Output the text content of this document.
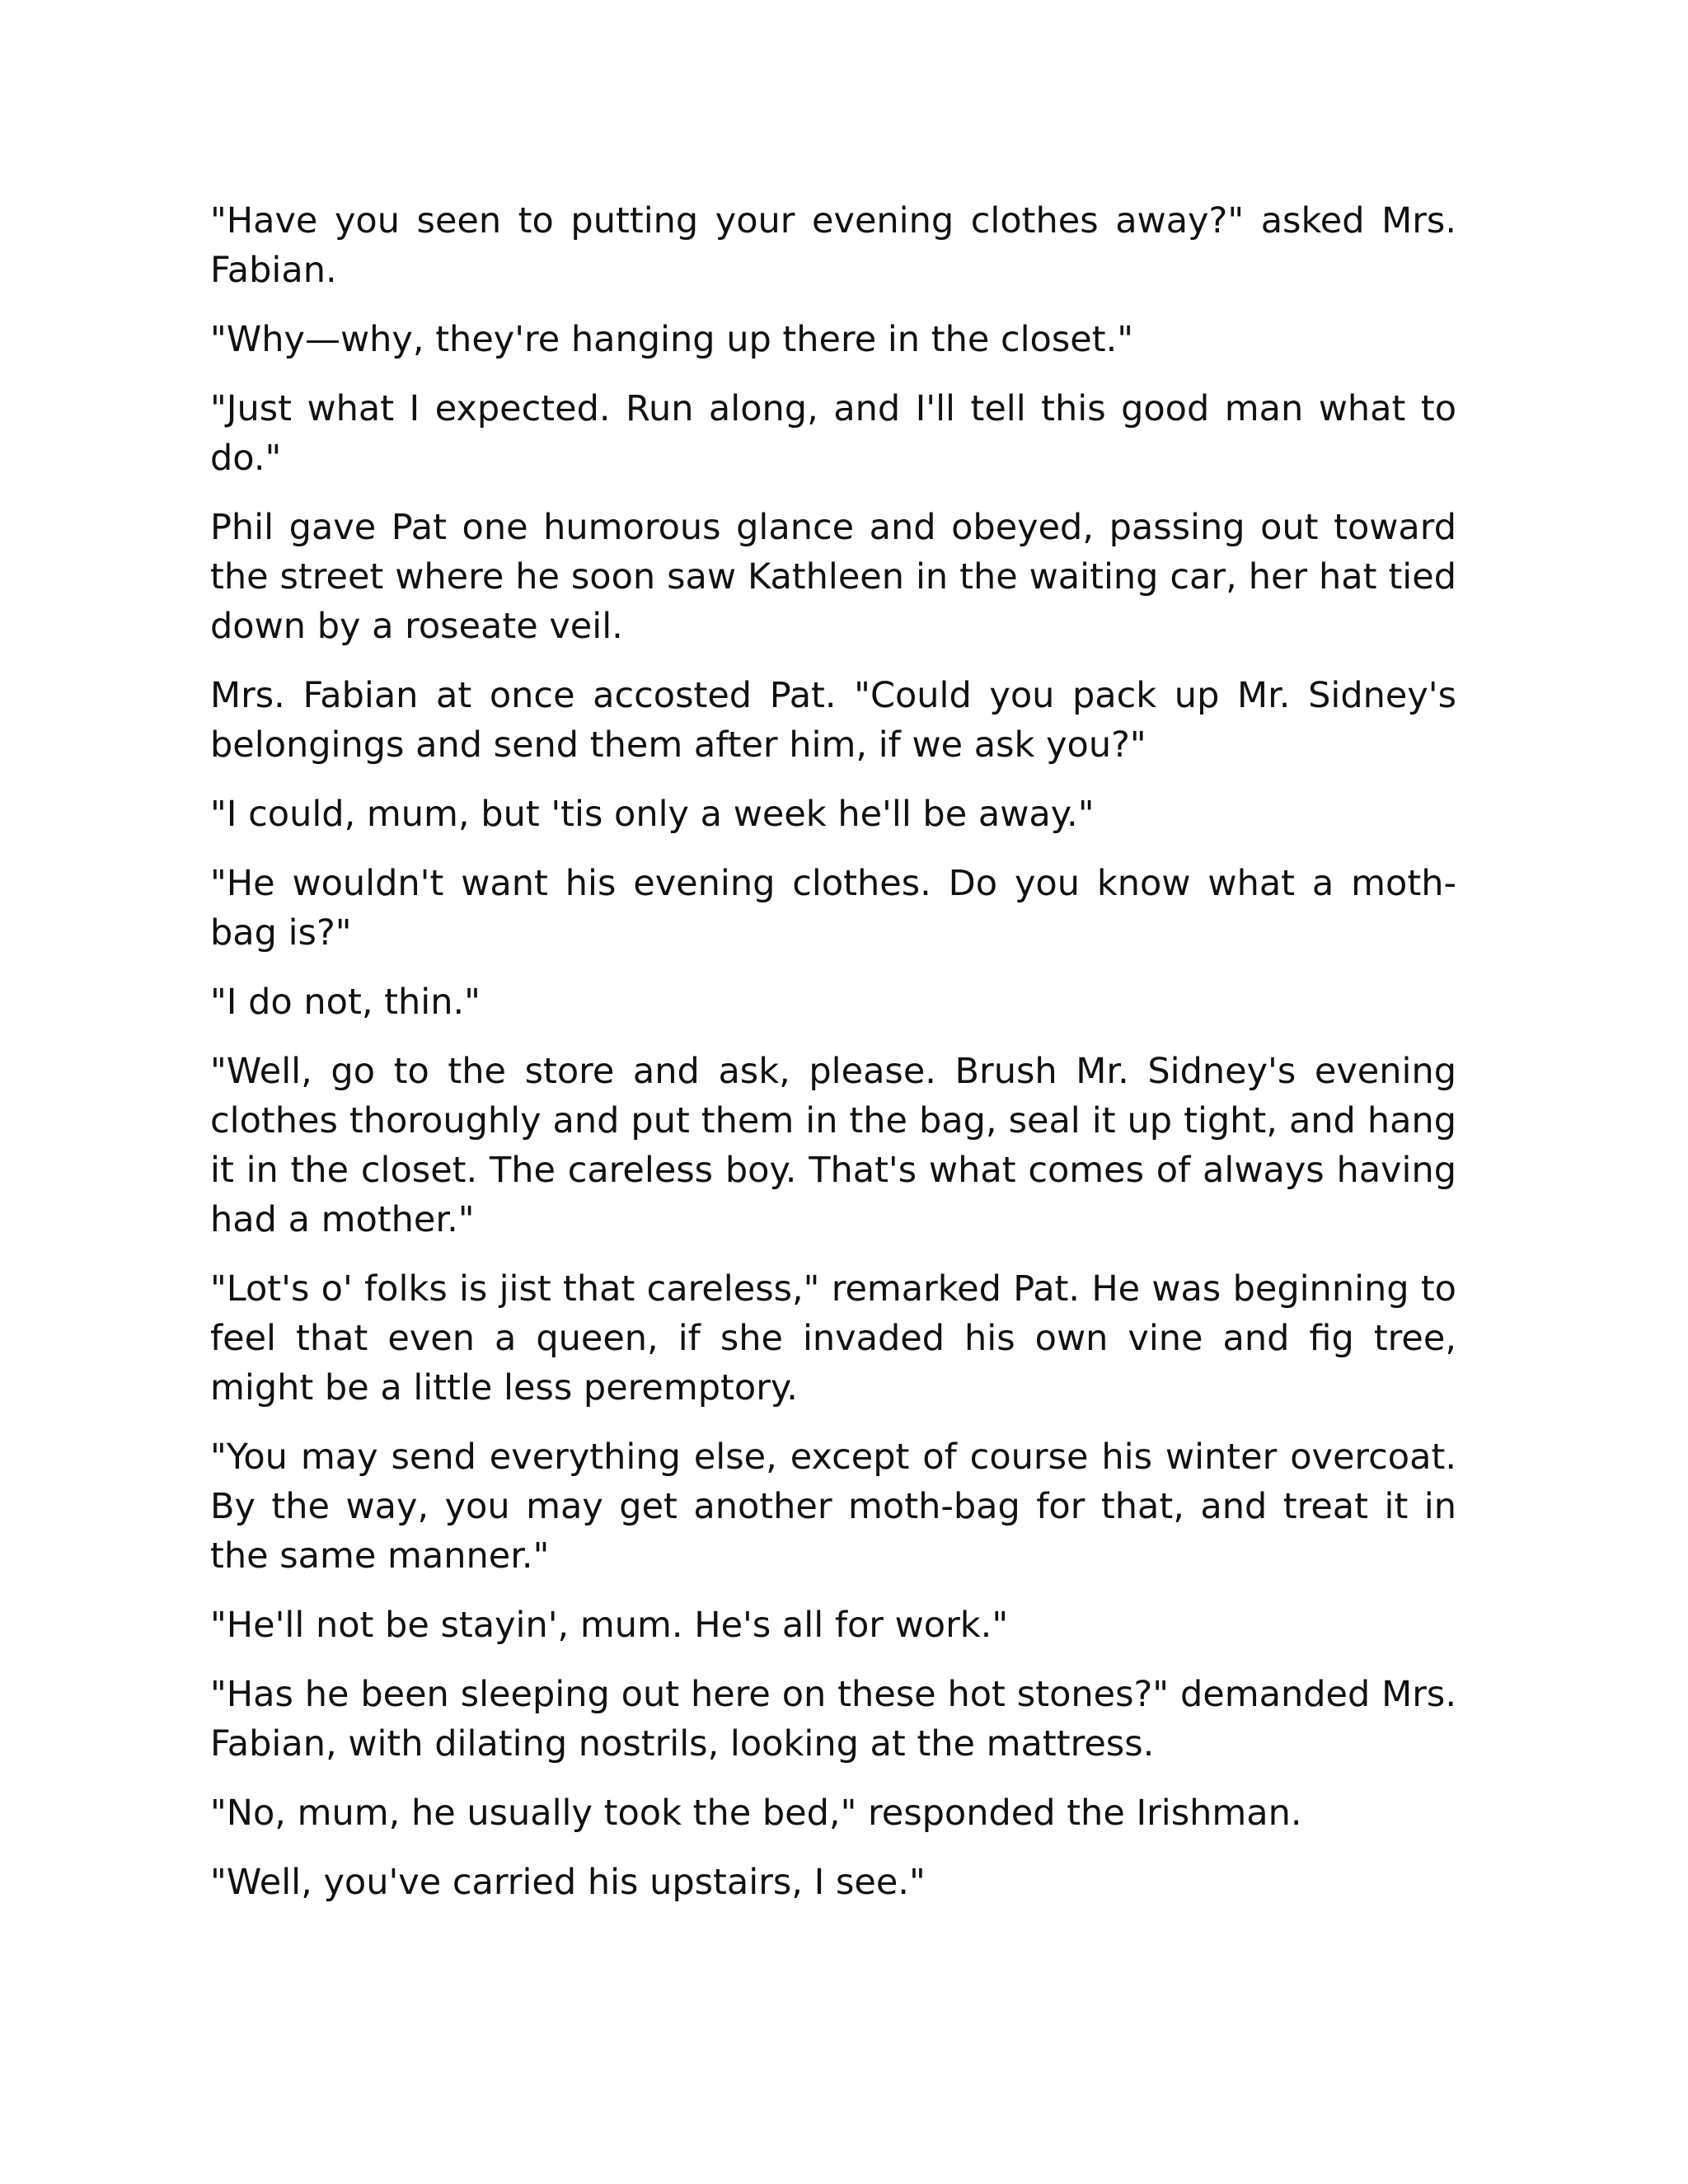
"Have you seen to putting your evening clothes away?" asked Mrs. Fabian.

"Why—why, they're hanging up there in the closet."

"Just what I expected. Run along, and I'll tell this good man what to do."

Phil gave Pat one humorous glance and obeyed, passing out toward the street where he soon saw Kathleen in the waiting car, her hat tied down by a roseate veil.

Mrs. Fabian at once accosted Pat. "Could you pack up Mr. Sidney's belongings and send them after him, if we ask you?"

"I could, mum, but 'tis only a week he'll be away."

"He wouldn't want his evening clothes. Do you know what a moth-bag is?"

"I do not, thin."

"Well, go to the store and ask, please. Brush Mr. Sidney's evening clothes thoroughly and put them in the bag, seal it up tight, and hang it in the closet. The careless boy. That's what comes of always having had a mother."

"Lot's o' folks is jist that careless," remarked Pat. He was beginning to feel that even a queen, if she invaded his own vine and fig tree, might be a little less peremptory.

"You may send everything else, except of course his winter overcoat. By the way, you may get another moth-bag for that, and treat it in the same manner."

"He'll not be stayin', mum. He's all for work."

"Has he been sleeping out here on these hot stones?" demanded Mrs. Fabian, with dilating nostrils, looking at the mattress.

"No, mum, he usually took the bed," responded the Irishman.

"Well, you've carried his upstairs, I see."
